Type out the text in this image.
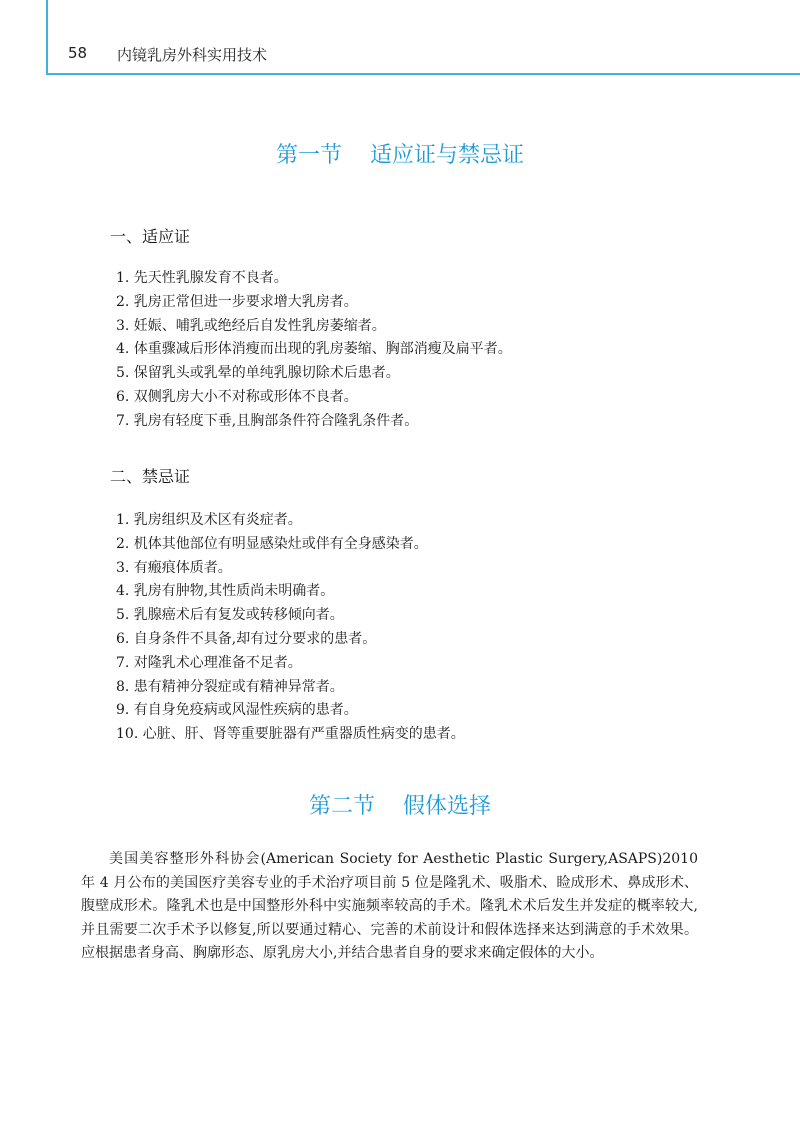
58 内镜乳房外科实用技术
第一节    适应证与禁忌证
一、适应证
1. 先天性乳腺发育不良者。
2. 乳房正常但进一步要求增大乳房者。
3. 妊娠、哺乳或绝经后自发性乳房萎缩者。
4. 体重骤减后形体消瘦而出现的乳房萎缩、胸部消瘦及扁平者。
5. 保留乳头或乳晕的单纯乳腺切除术后患者。
6. 双侧乳房大小不对称或形体不良者。
7. 乳房有轻度下垂,且胸部条件符合隆乳条件者。
二、禁忌证
1. 乳房组织及术区有炎症者。
2. 机体其他部位有明显感染灶或伴有全身感染者。
3. 有瘢痕体质者。
4. 乳房有肿物,其性质尚未明确者。
5. 乳腺癌术后有复发或转移倾向者。
6. 自身条件不具备,却有过分要求的患者。
7. 对隆乳术心理准备不足者。
8. 患有精神分裂症或有精神异常者。
9. 有自身免疫病或风湿性疾病的患者。
10. 心脏、肝、肾等重要脏器有严重器质性病变的患者。
第二节    假体选择

美国美容整形外科协会(American Society for Aesthetic Plastic Surgery,ASAPS)2010 年 4 月公布的美国医疗美容专业的手术治疗项目前 5 位是隆乳术、吸脂术、睑成形术、鼻成形术、腹壁成形术。隆乳术也是中国整形外科中实施频率较高的手术。隆乳术术后发生并发症的概率较大,并且需要二次手术予以修复,所以要通过精心、完善的术前设计和假体选择来达到满意的手术效果。应根据患者身高、胸廓形态、原乳房大小,并结合患者自身的要求来确定假体的大小。
